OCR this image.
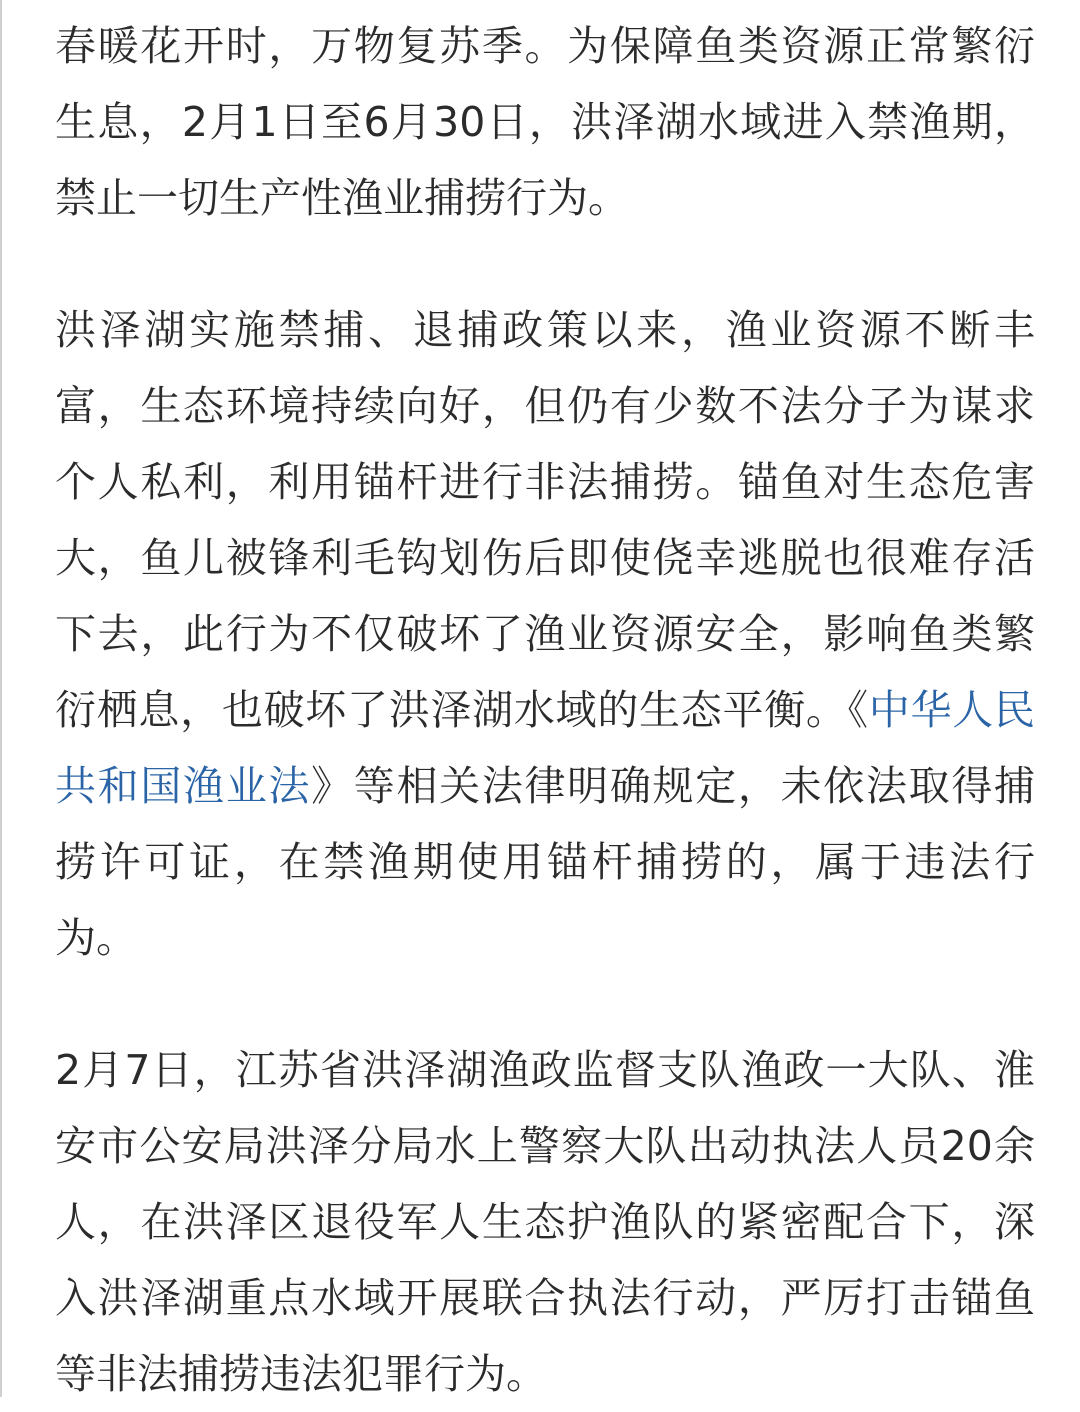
春暖花开时，万物复苏季。为保障鱼类资源正常繁衍生息，2月1日至6月30日，洪泽湖水域进入禁渔期，禁止一切生产性渔业捕捞行为。

洪泽湖实施禁捕、退捕政策以来，渔业资源不断丰富，生态环境持续向好，但仍有少数不法分子为谋求个人私利，利用锚杆进行非法捕捞。锚鱼对生态危害大，鱼儿被锋利毛钩划伤后即使侥幸逃脱也很难存活下去，此行为不仅破坏了渔业资源安全，影响鱼类繁衍栖息，也破坏了洪泽湖水域的生态平衡。《中华人民共和国渔业法》等相关法律明确规定，未依法取得捕捞许可证，在禁渔期使用锚杆捕捞的，属于违法行为。

2月7日，江苏省洪泽湖渔政监督支队渔政一大队、淮安市公安局洪泽分局水上警察大队出动执法人员20余人，在洪泽区退役军人生态护渔队的紧密配合下，深入洪泽湖重点水域开展联合执法行动，严厉打击锚鱼等非法捕捞违法犯罪行为。
